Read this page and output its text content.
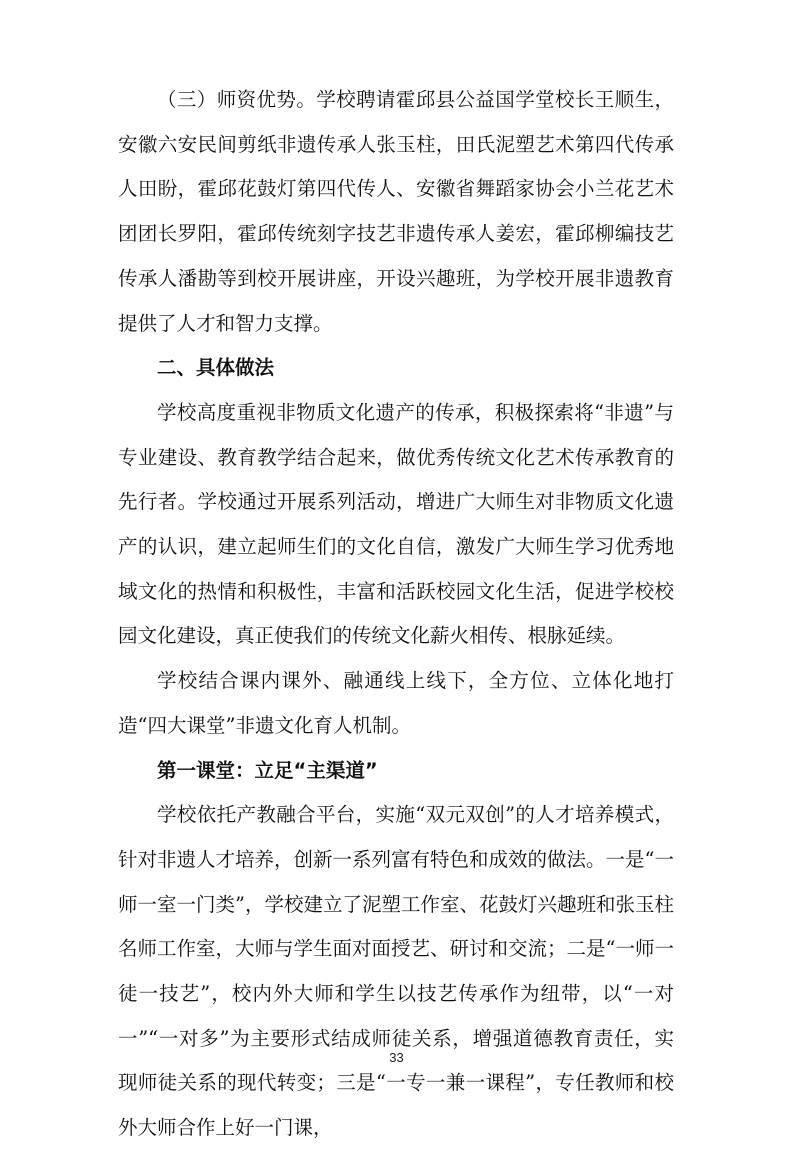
（三）师资优势。学校聘请霍邱县公益国学堂校长王顺生，安徽六安民间剪纸非遗传承人张玉柱，田氏泥塑艺术第四代传承人田盼，霍邱花鼓灯第四代传人、安徽省舞蹈家协会小兰花艺术团团长罗阳，霍邱传统刻字技艺非遗传承人姜宏，霍邱柳编技艺传承人潘勘等到校开展讲座，开设兴趣班，为学校开展非遗教育提供了人才和智力支撑。

二、具体做法

学校高度重视非物质文化遗产的传承，积极探索将“非遗”与专业建设、教育教学结合起来，做优秀传统文化艺术传承教育的先行者。学校通过开展系列活动，增进广大师生对非物质文化遗产的认识，建立起师生们的文化自信，激发广大师生学习优秀地域文化的热情和积极性，丰富和活跃校园文化生活，促进学校校园文化建设，真正使我们的传统文化薪火相传、根脉延续。

学校结合课内课外、融通线上线下，全方位、立体化地打造“四大课堂”非遗文化育人机制。

第一课堂：立足“主渠道”

学校依托产教融合平台，实施“双元双创”的人才培养模式，针对非遗人才培养，创新一系列富有特色和成效的做法。一是“一师一室一门类”，学校建立了泥塑工作室、花鼓灯兴趣班和张玉柱名师工作室，大师与学生面对面授艺、研讨和交流；二是“一师一徒一技艺”，校内外大师和学生以技艺传承作为纽带，以“一对一”“一对多”为主要形式结成师徒关系，增强道德教育责任，实现师徒关系的现代转变；三是“一专一兼一课程”，专任教师和校外大师合作上好一门课，

33
